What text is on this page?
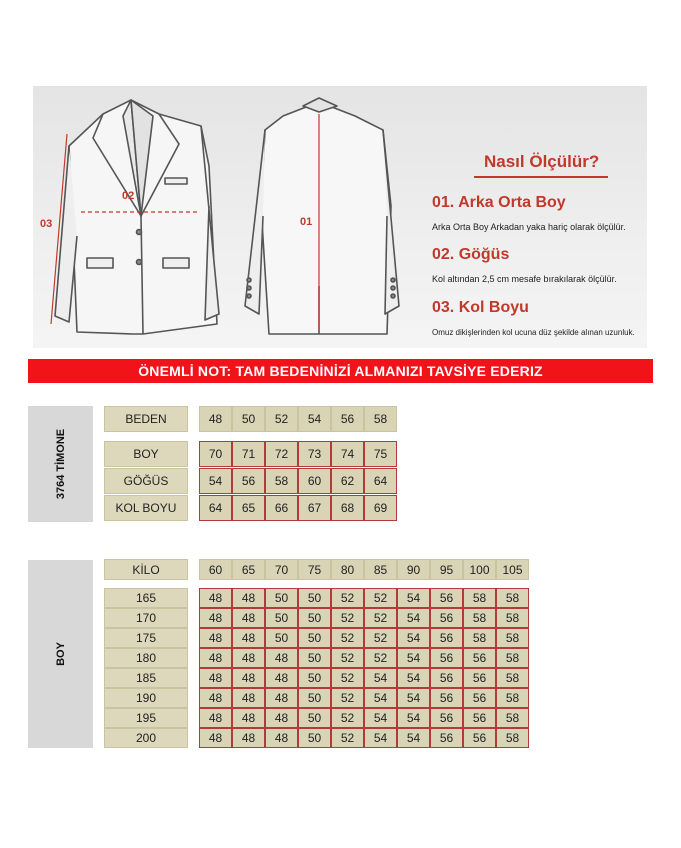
03
02
01
Nasıl Ölçülür?
01. Arka Orta Boy
Arka Orta Boy Arkadan yaka hariç olarak ölçülür.
02. Göğüs
Kol altından 2,5 cm mesafe bırakılarak ölçülür.
03. Kol Boyu
Omuz dikişlerinden kol ucuna düz şekilde alınan uzunluk.
ÖNEMLİ NOT: TAM BEDENİNİZİ ALMANIZI TAVSİYE EDERIZ
3764 TİMONE
BOY
BEDEN	48	50	52	54	56	58
BOY	70	71	72	73	74	75
GÖĞÜS	54	56	58	60	62	64
KOL BOYU	64	65	66	67	68	69
KİLO	60	65	70	75	80	85	90	95	100	105
165	48	48	50	50	52	52	54	56	58	58
170	48	48	50	50	52	52	54	56	58	58
175	48	48	50	50	52	52	54	56	58	58
180	48	48	48	50	52	52	54	56	56	58
185	48	48	48	50	52	54	54	56	56	58
190	48	48	48	50	52	54	54	56	56	58
195	48	48	48	50	52	54	54	56	56	58
200	48	48	48	50	52	54	54	56	56	58
